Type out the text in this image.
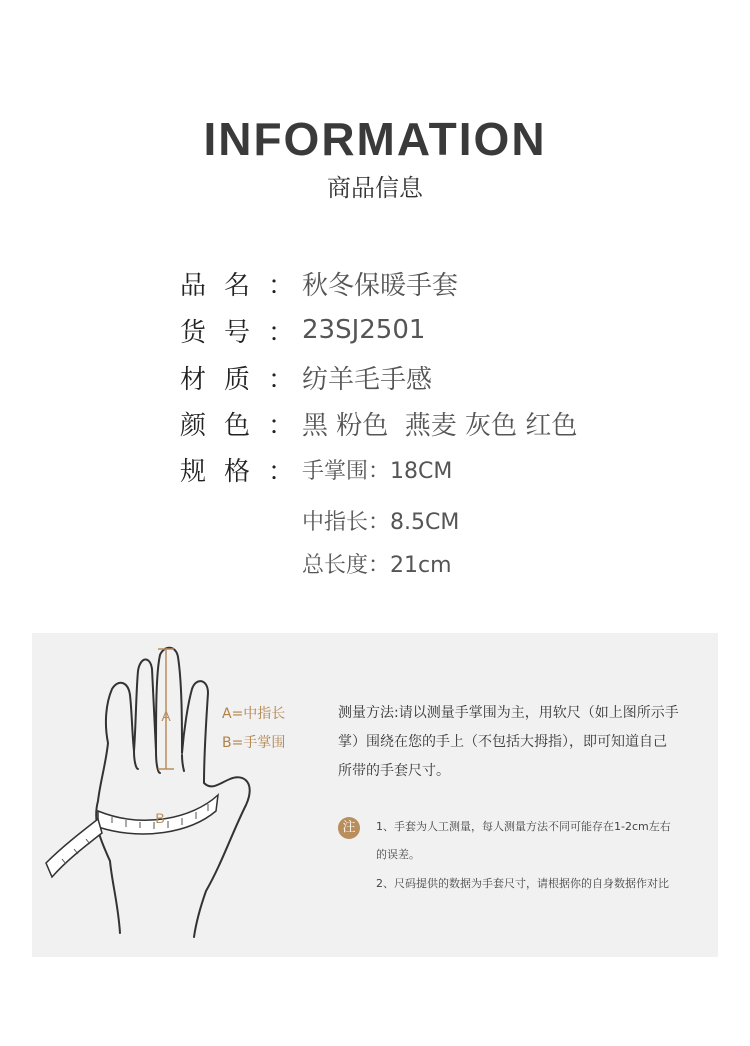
INFORMATION
商品信息
品 名 ： 秋冬保暖手套
货 号 ： 23SJ2501
材 质 ： 纺羊毛手感
颜 色 ： 黑 粉色  燕麦 灰色 红色
规 格 ： 手掌围：18CM
中指长：8.5CM
总长度：21cm
A
B
A=中指长
B=手掌围
测量方法:请以测量手掌围为主，用软尺（如上图所示手
掌）围绕在您的手上（不包括大拇指），即可知道自己
所带的手套尺寸。
注	1、手套为人工测量，每人测量方法不同可能存在1-2cm左右
的误差。
2、尺码提供的数据为手套尺寸，请根据你的自身数据作对比
